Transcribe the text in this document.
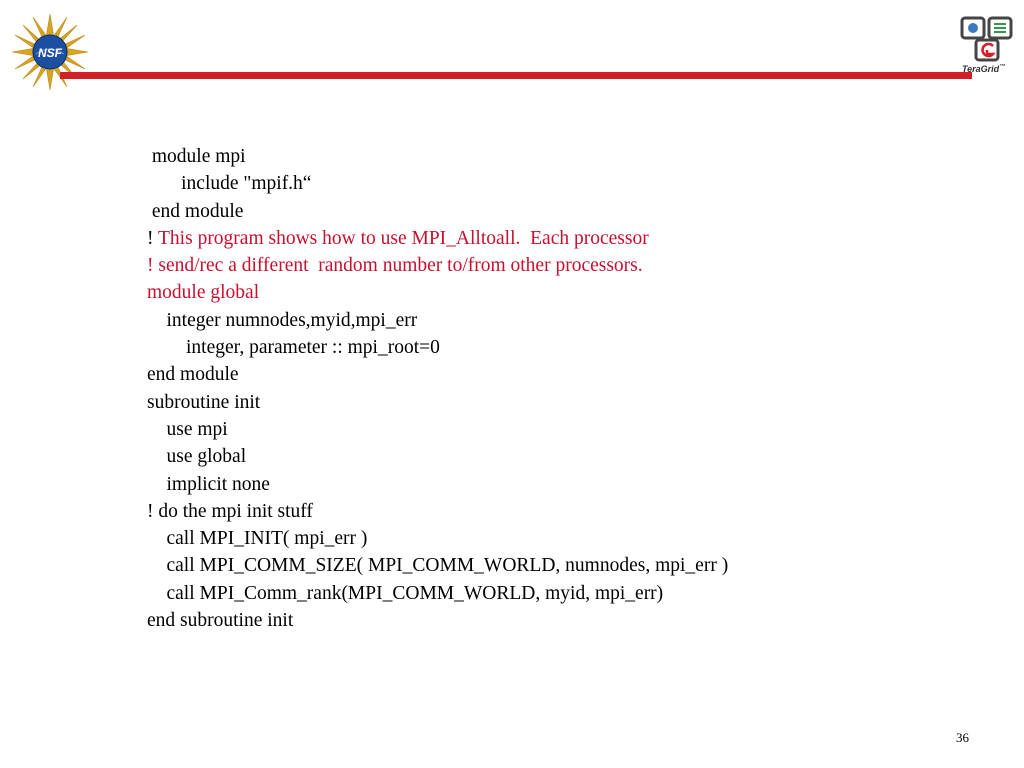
NSF
TeraGrid™
module mpi
include "mpif.h“
end module
! This program shows how to use MPI_Alltoall.  Each processor
! send/rec a different  random number to/from other processors.
module global
integer numnodes,myid,mpi_err
integer, parameter :: mpi_root=0
end module
subroutine init
use mpi
use global
implicit none
! do the mpi init stuff
call MPI_INIT( mpi_err )
call MPI_COMM_SIZE( MPI_COMM_WORLD, numnodes, mpi_err )
call MPI_Comm_rank(MPI_COMM_WORLD, myid, mpi_err)
end subroutine init
36
